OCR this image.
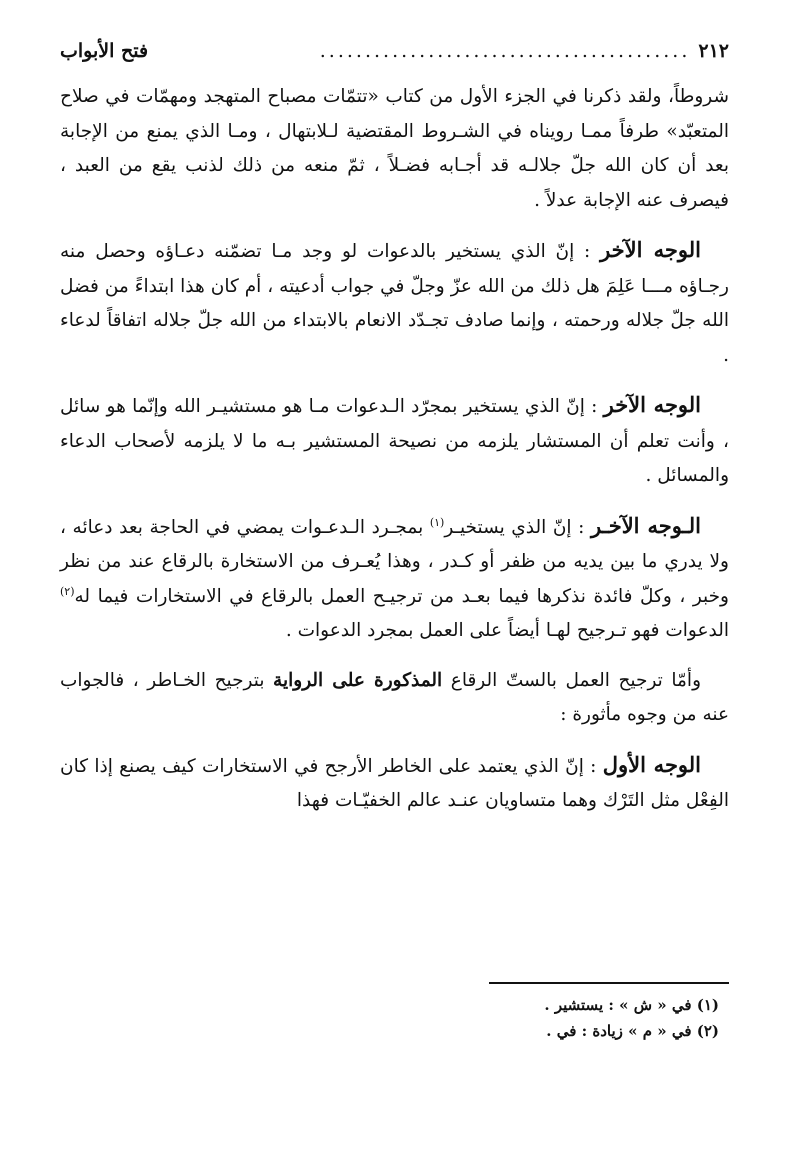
٢١٢
.........................................
فتح الأبواب

شروطاً، ولقد ذكرنا في الجزء الأول من كتاب «تتمّات مصباح المتهجد ومهمّات في صلاح المتعبّد» طرفاً ممـا رويناه في الشـروط المقتضية لـلابتهال ، ومـا الذي يمنع من الإجابة بعد أن كان الله جلّ جلالـه قد أجـابه فضـلاً ، ثمّ منعه من ذلك لذنب يقع من العبد ، فيصرف عنه الإجابة عدلاً .

الوجه الآخر : إنّ الذي يستخير بالدعوات لو وجد مـا تضمّنه دعـاؤه وحصل منه رجـاؤه مـــا عَلِمَ هل ذلك من الله عزّ وجلّ في جواب أدعيته ، أم كان هذا ابتداءً من فضل الله جلّ جلاله ورحمته ، وإنما صادف تجـدّد الانعام بالابتداء من الله جلّ جلاله اتفاقاً لدعاء .

الوجه الآخر : إنّ الذي يستخير بمجرّد الـدعوات مـا هو مستشيـر الله وإنّما هو سائل ، وأنت تعلم أن المستشار يلزمه من نصيحة المستشير بـه ما لا يلزمه لأصحاب الدعاء والمسائل .

الـوجه الآخـر : إنّ الذي يستخيـر$^{(١)}$ بمجـرد الـدعـوات يمضي في الحاجة بعد دعائه ، ولا يدري ما بين يديه من ظفر أو كـدر ، وهذا يُعـرف من الاستخارة بالرقاع عند من نظر وخبر ، وكلّ فائدة نذكرها فيما بعـد من ترجيـح العمل بالرقاع في الاستخارات فيما له$^{(٢)}$ الدعوات فهو تـرجيح لهـا أيضاً على العمل بمجرد الدعوات .

وأمّا ترجيح العمل بالستّ الرقاع المذكورة على الرواية بترجيح الخـاطر ، فالجواب عنه من وجوه مأثورة :

الوجه الأول : إنّ الذي يعتمد على الخاطر الأرجح في الاستخارات كيف يصنع إذا كان الفِعْل مثل التَرْك وهما متساويان عنـد عالم الخفيّـات فهذا

(١) في « ش » : يستشير .
(٢) في « م » زيادة : في .
